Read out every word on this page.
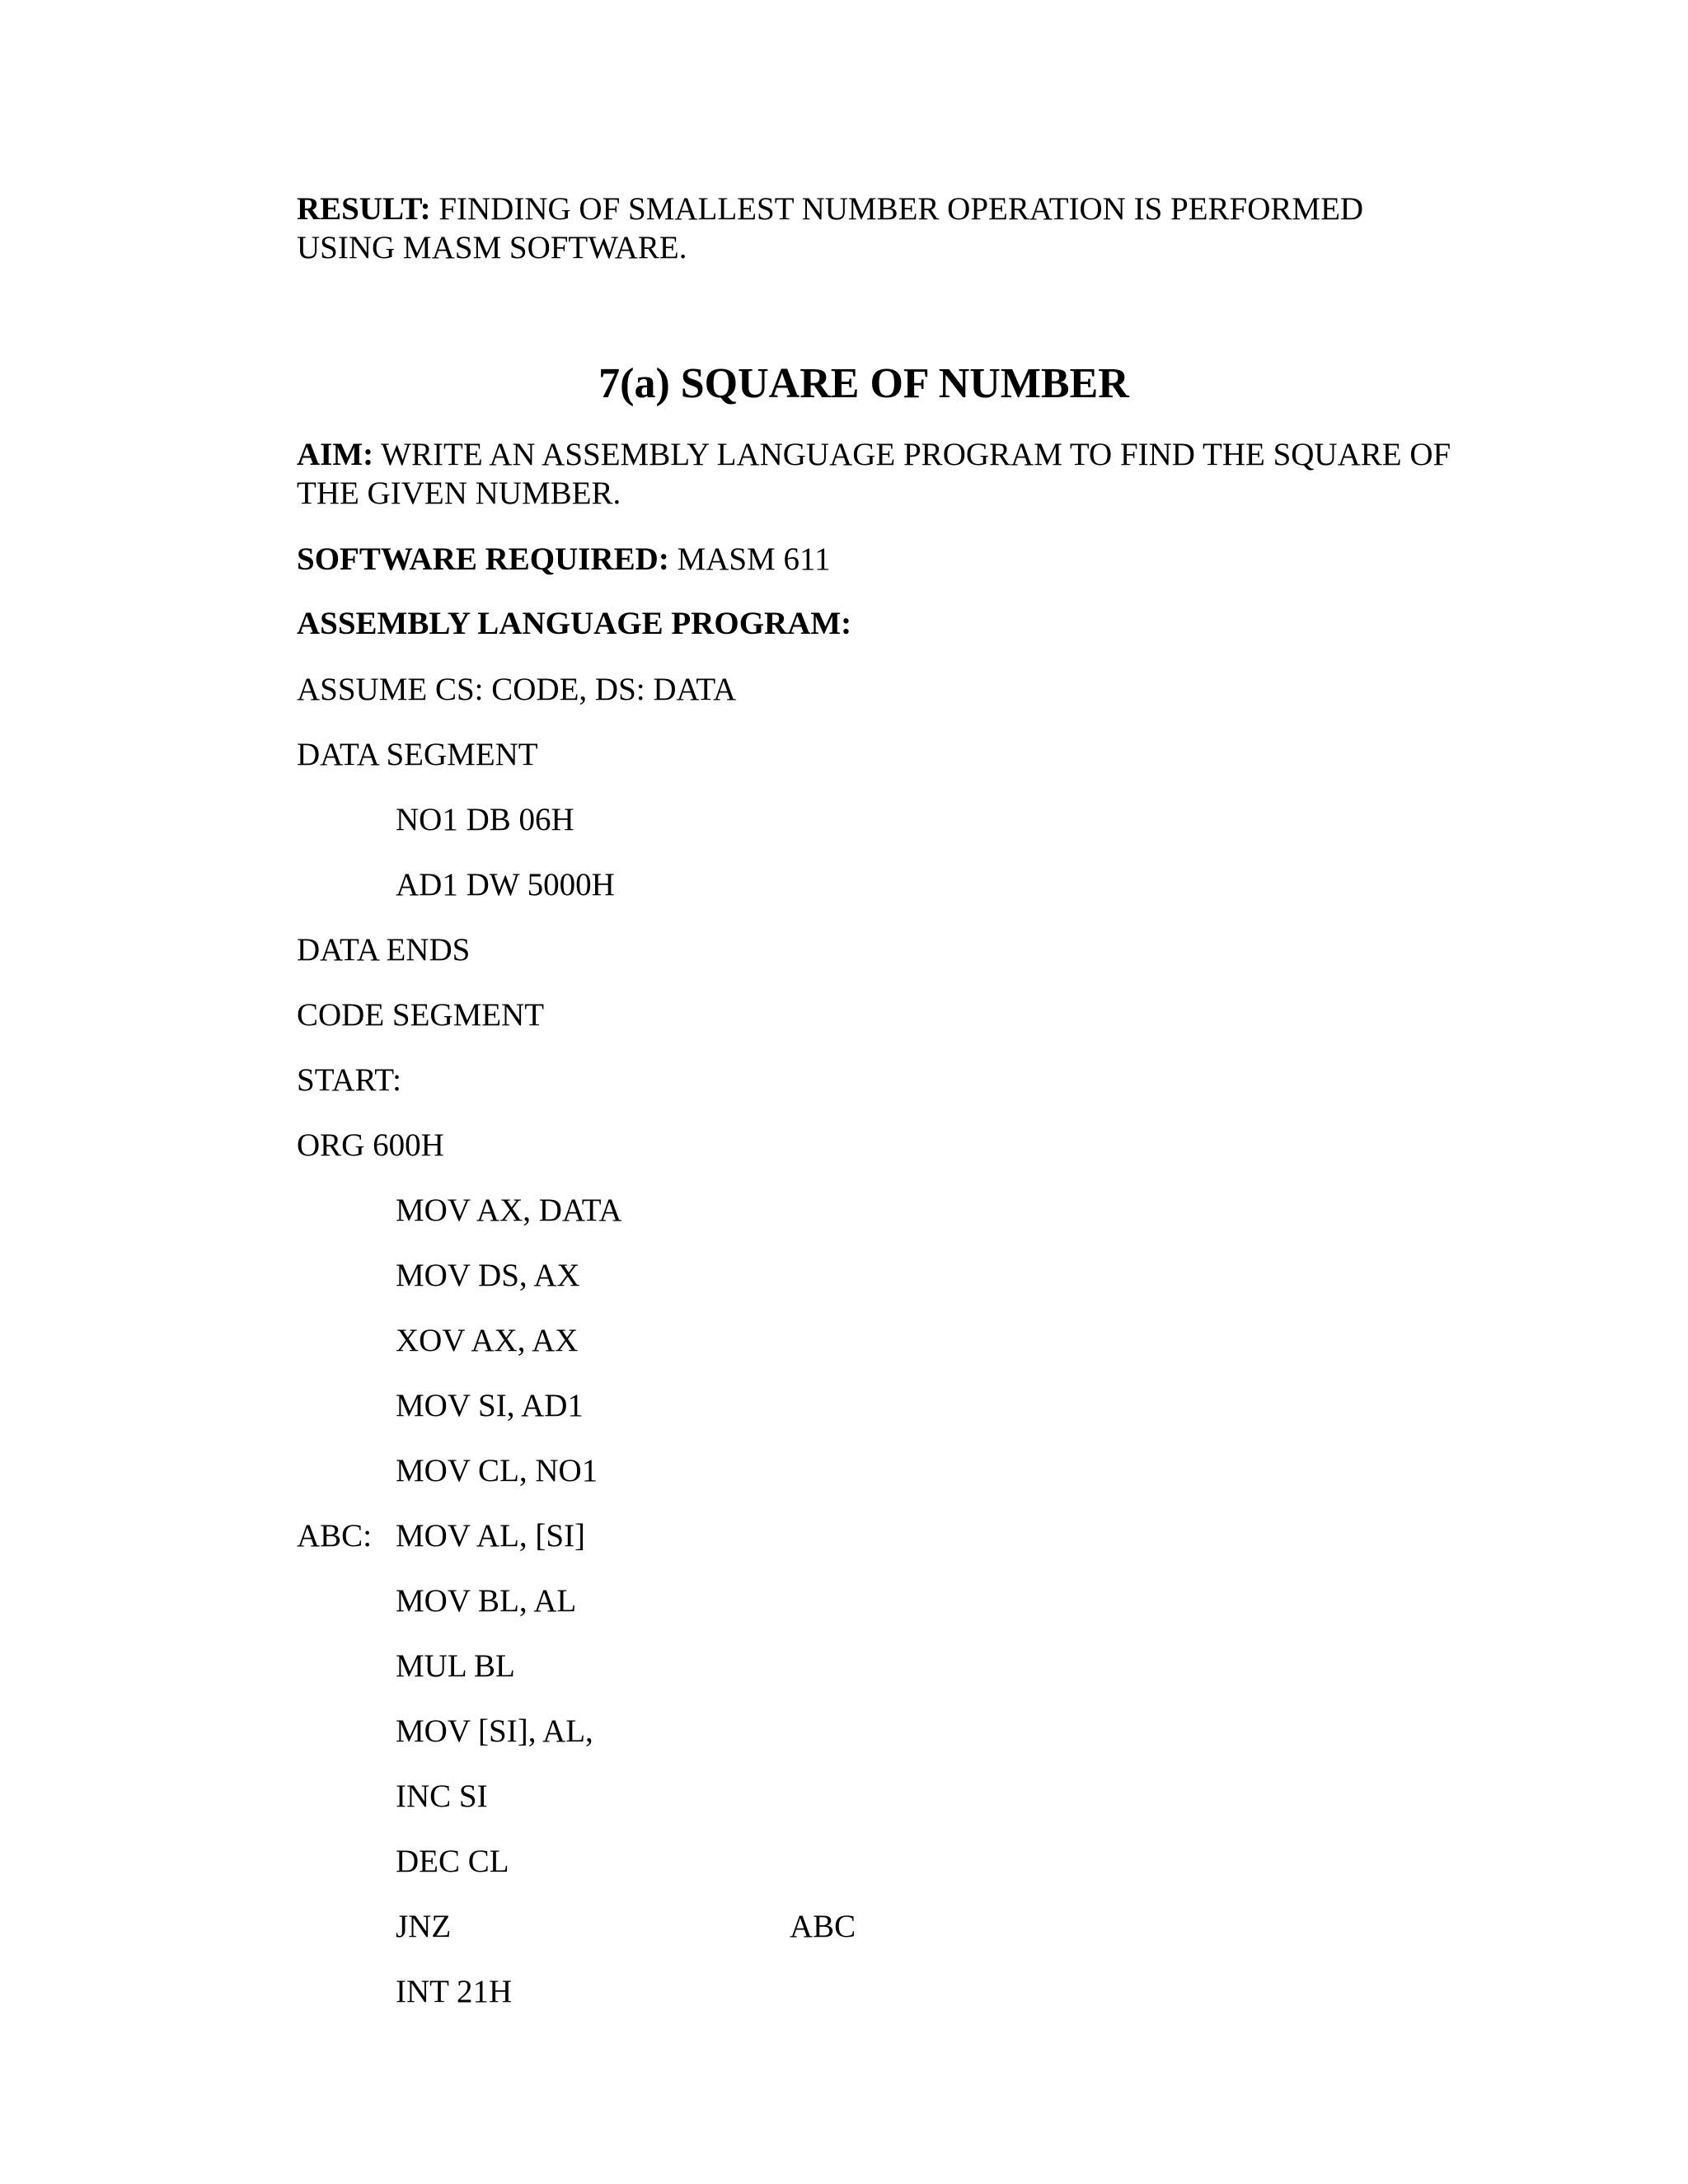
RESULT: FINDING OF SMALLEST NUMBER OPERATION IS PERFORMED
USING MASM SOFTWARE.
7(a) SQUARE OF NUMBER
AIM: WRITE AN ASSEMBLY LANGUAGE PROGRAM TO FIND THE SQUARE OF
THE GIVEN NUMBER.
SOFTWARE REQUIRED: MASM 611
ASSEMBLY LANGUAGE PROGRAM:
ASSUME CS: CODE, DS: DATA
DATA SEGMENT
NO1 DB 06H
AD1 DW 5000H
DATA ENDS
CODE SEGMENT
START:
ORG 600H
MOV AX, DATA
MOV DS, AX
XOV AX, AX
MOV SI, AD1
MOV CL, NO1
ABC: MOV AL, [SI]
MOV BL, AL
MUL BL
MOV [SI], AL,
INC SI
DEC CL
JNZ	ABC
INT 21H
